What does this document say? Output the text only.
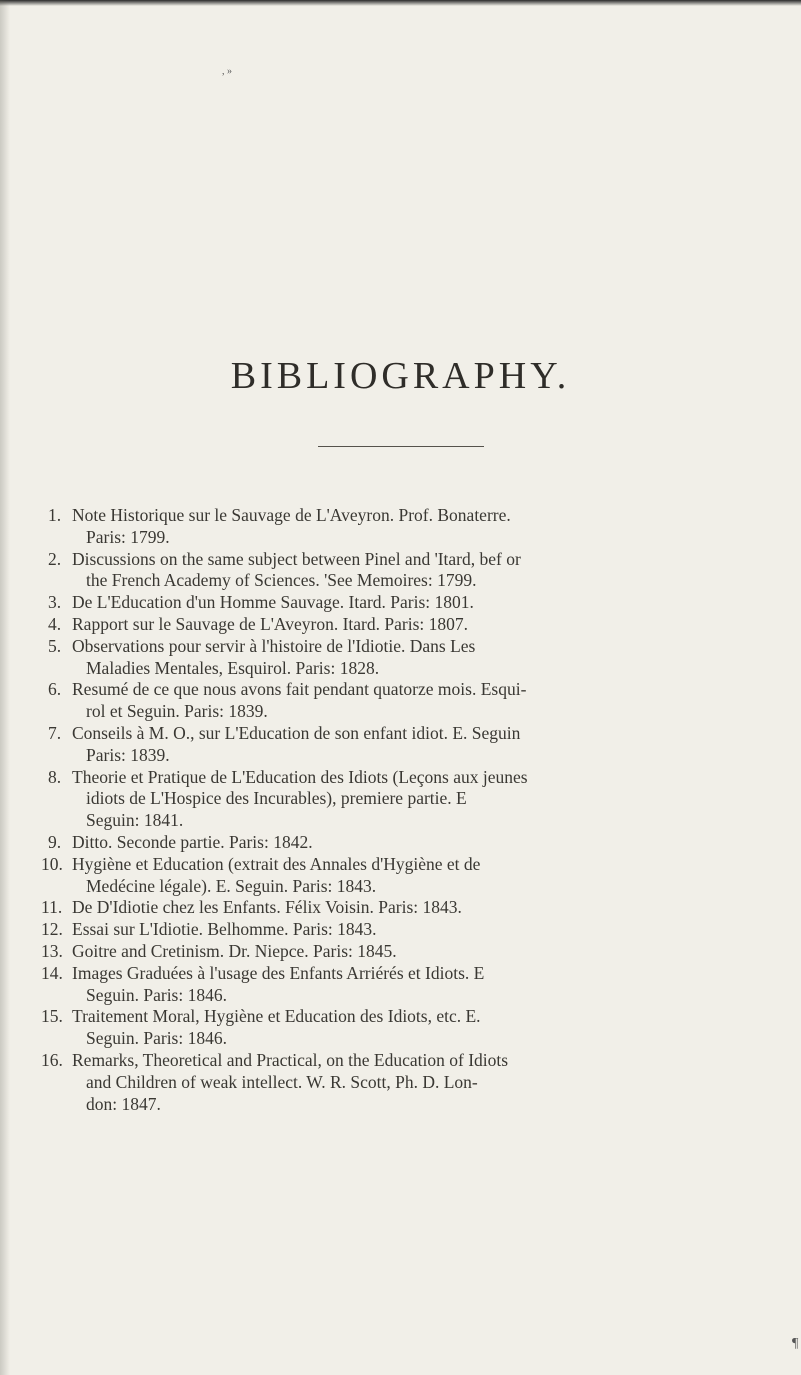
, »
¶
BIBLIOGRAPHY.
1. Note Historique sur le Sauvage de L'Aveyron. Prof. Bonaterre.
Paris: 1799.
2. Discussions on the same subject between Pinel and 'Itard, bef or
the French Academy of Sciences. 'See Memoires: 1799.
3. De L'Education d'un Homme Sauvage. Itard. Paris: 1801.
4. Rapport sur le Sauvage de L'Aveyron. Itard. Paris: 1807.
5. Observations pour servir à l'histoire de l'Idiotie. Dans Les
Maladies Mentales, Esquirol. Paris: 1828.
6. Resumé de ce que nous avons fait pendant quatorze mois. Esqui-
rol et Seguin. Paris: 1839.
7. Conseils à M. O., sur L'Education de son enfant idiot. E. Seguin
Paris: 1839.
8. Theorie et Pratique de L'Education des Idiots (Leçons aux jeunes
idiots de L'Hospice des Incurables), premiere partie. E
Seguin: 1841.
9. Ditto. Seconde partie. Paris: 1842.
10. Hygiène et Education (extrait des Annales d'Hygiène et de
Medécine légale). E. Seguin. Paris: 1843.
11. De D'Idiotie chez les Enfants. Félix Voisin. Paris: 1843.
12. Essai sur L'Idiotie. Belhomme. Paris: 1843.
13. Goitre and Cretinism. Dr. Niepce. Paris: 1845.
14. Images Graduées à l'usage des Enfants Arriérés et Idiots. E
Seguin. Paris: 1846.
15. Traitement Moral, Hygiène et Education des Idiots, etc. E.
Seguin. Paris: 1846.
16. Remarks, Theoretical and Practical, on the Education of Idiots
and Children of weak intellect. W. R. Scott, Ph. D. Lon-
don: 1847.
